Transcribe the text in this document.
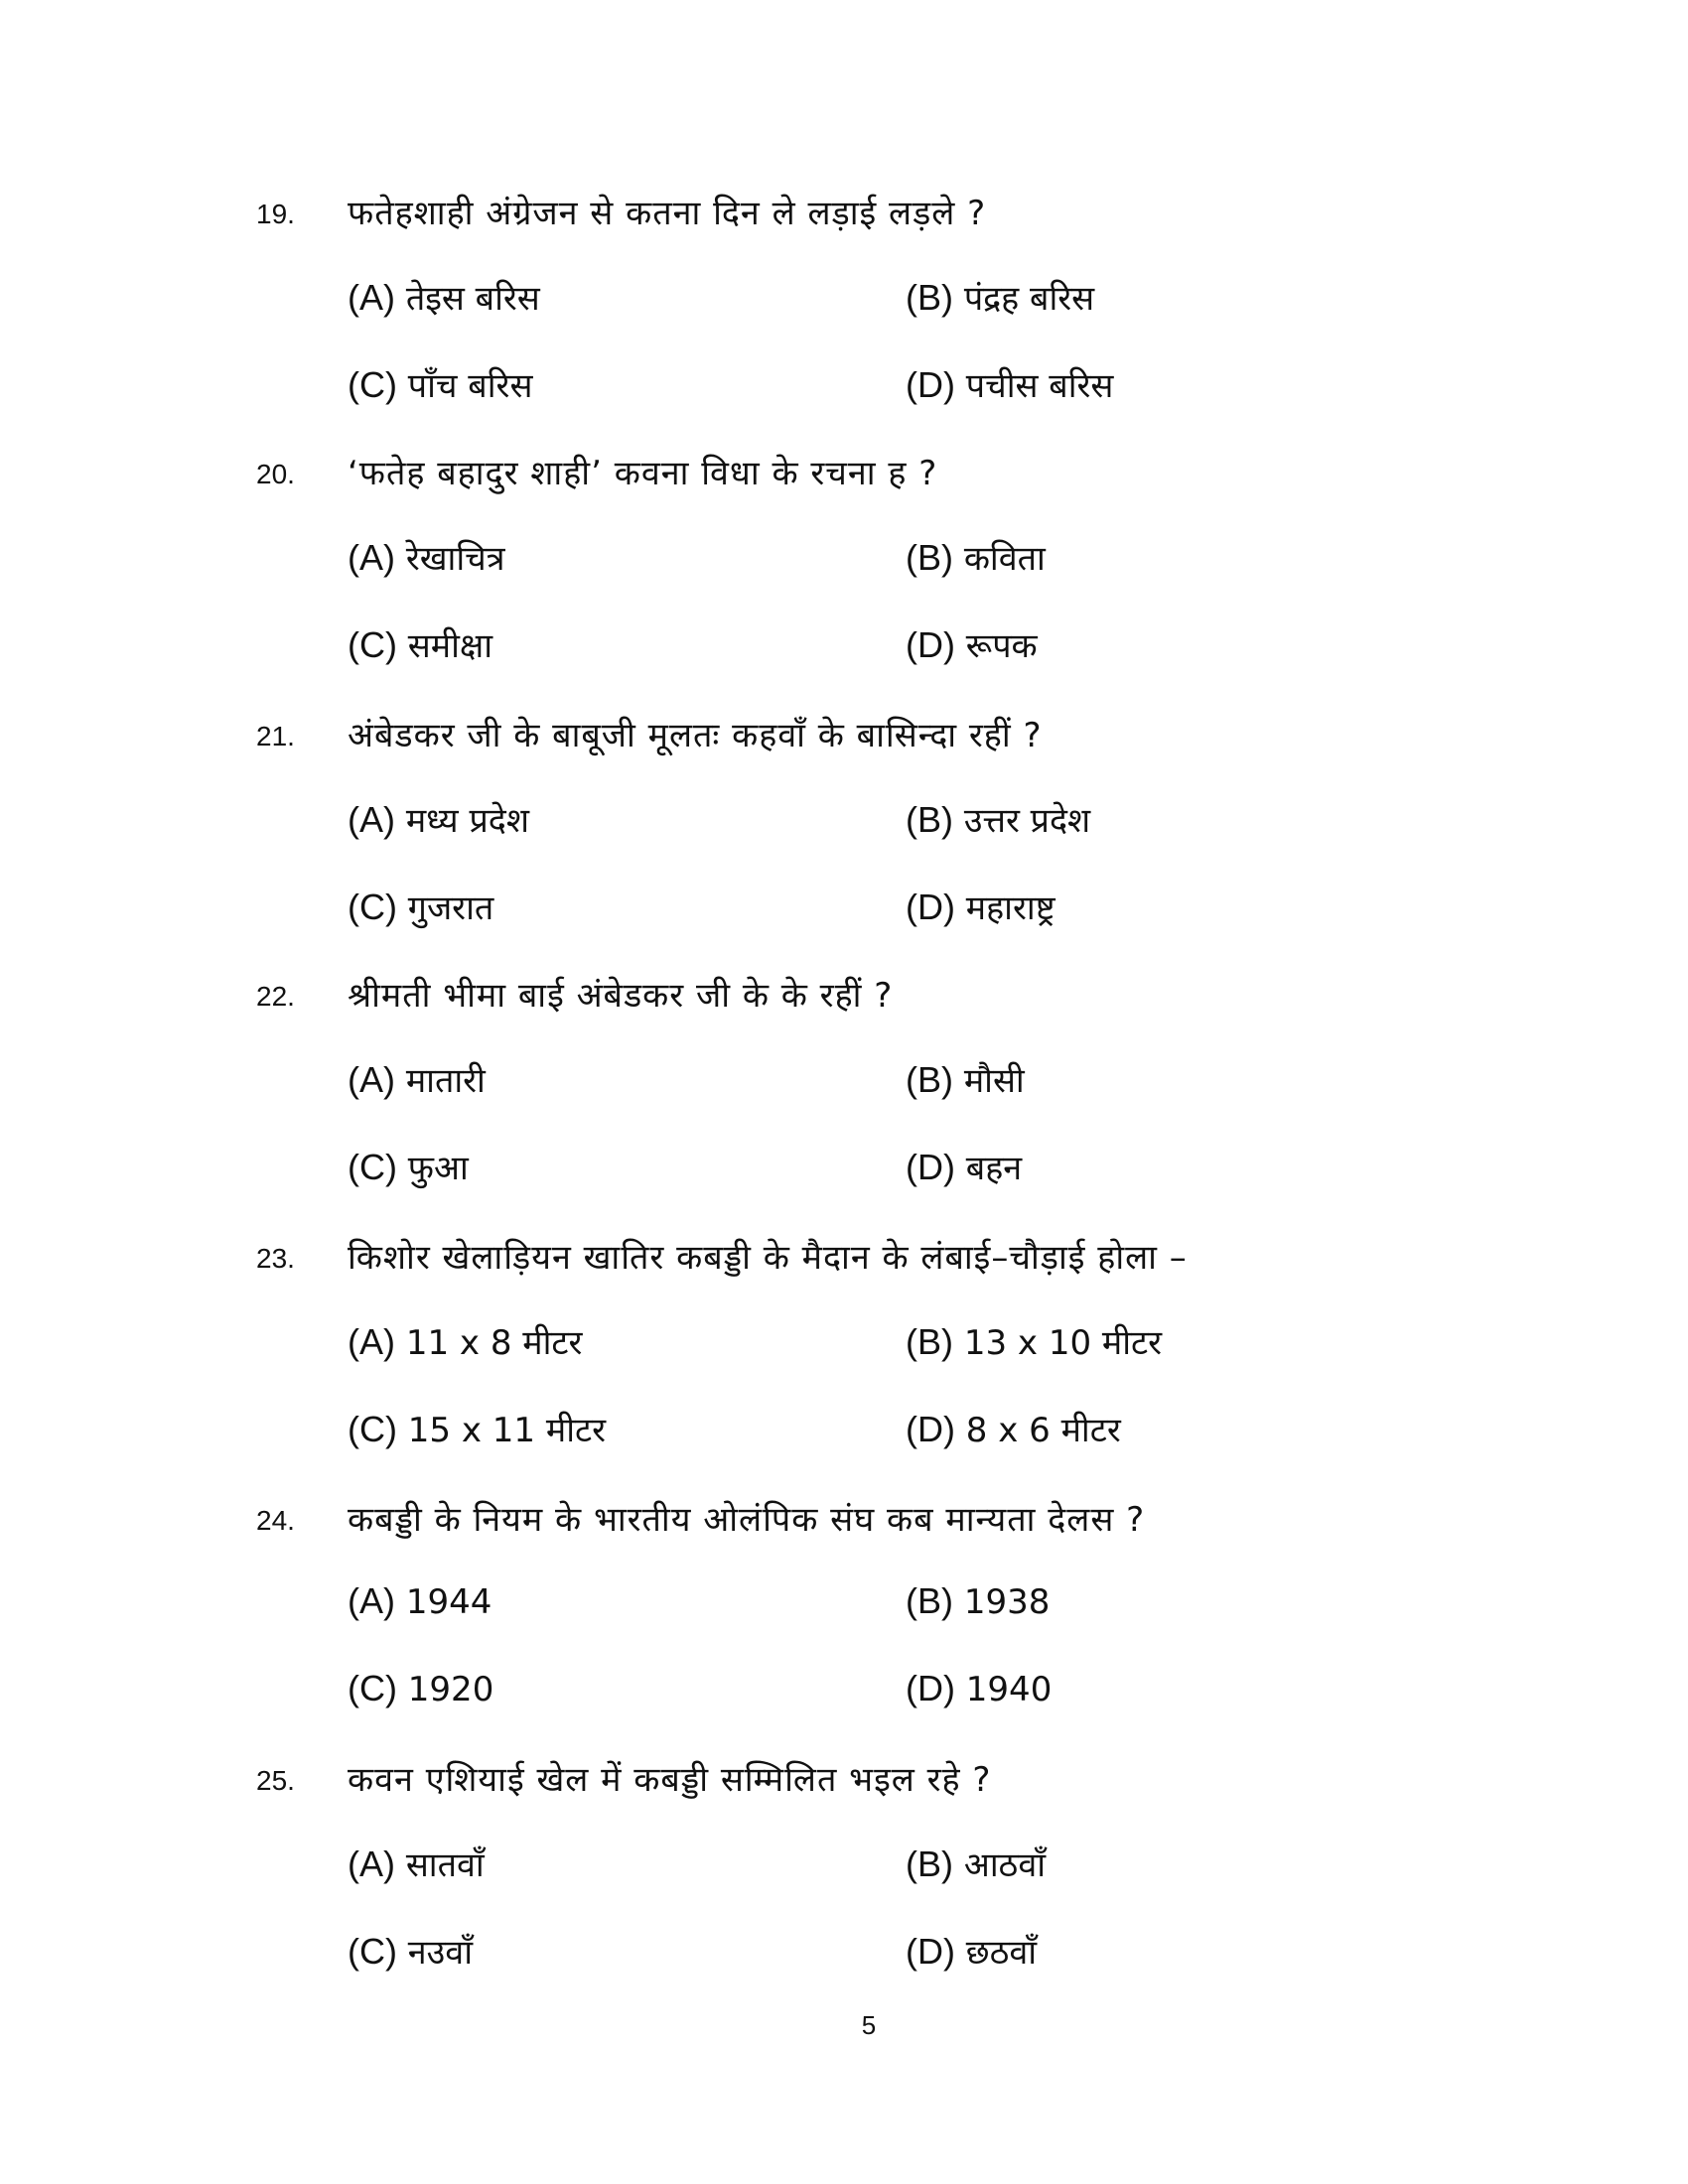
19. फतेहशाही अंग्रेजन से कतना दिन ले लड़ाई लड़ले ?
(A) तेइस बरिस	(B) पंद्रह बरिस
(C) पाँच बरिस	(D) पचीस बरिस
20. ‘फतेह बहादुर शाही’ कवना विधा के रचना ह ?
(A) रेखाचित्र	(B) कविता
(C) समीक्षा	(D) रूपक
21. अंबेडकर जी के बाबूजी मूलतः कहवाँ के बासिन्दा रहीं ?
(A) मध्य प्रदेश	(B) उत्तर प्रदेश
(C) गुजरात	(D) महाराष्ट्र
22. श्रीमती भीमा बाई अंबेडकर जी के के रहीं ?
(A) मातारी	(B) मौसी
(C) फुआ	(D) बहन
23. किशोर खेलाड़ियन खातिर कबड्डी के मैदान के लंबाई–चौड़ाई होला –
(A) 11 x 8 मीटर	(B) 13 x 10 मीटर
(C) 15 x 11 मीटर	(D) 8 x 6 मीटर
24. कबड्डी के नियम के भारतीय ओलंपिक संघ कब मान्यता देलस ?
(A) 1944	(B) 1938
(C) 1920	(D) 1940
25. कवन एशियाई खेल में कबड्डी सम्मिलित भइल रहे ?
(A) सातवाँ	(B) आठवाँ
(C) नउवाँ	(D) छठवाँ
5
